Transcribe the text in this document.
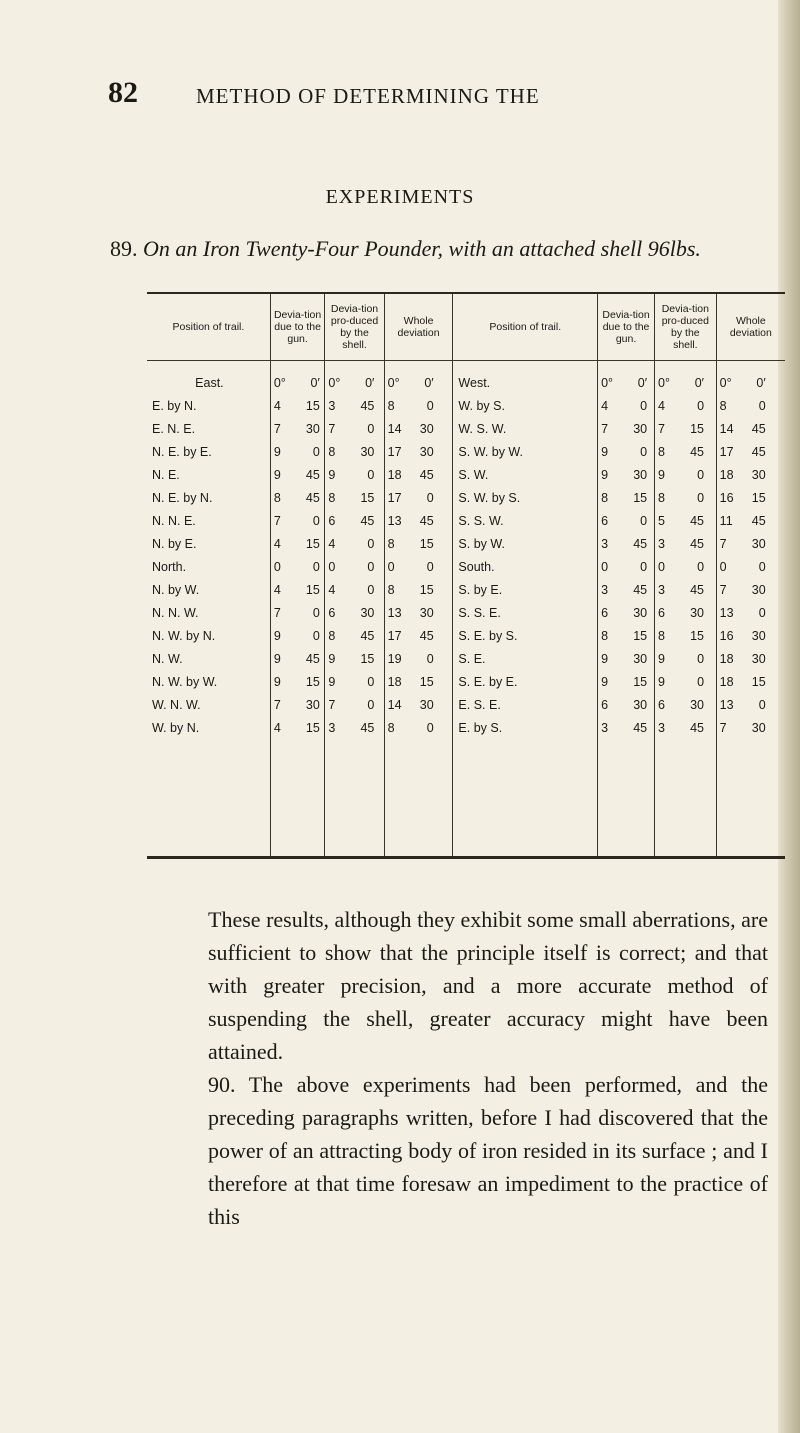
82	METHOD OF DETERMINING THE
EXPERIMENTS
89. On an Iron Twenty-Four Pounder, with an attached shell 96lbs.
Position of trail.	Devia-tion due to the gun.	Devia-tion pro-duced by the shell.	Whole deviation	Position of trail.	Devia-tion due to the gun.	Devia-tion pro-duced by the shell.	Whole deviation

East.	0° 0′	0° 0′	0° 0′	West.	0° 0′	0° 0′	0° 0′
E. by N.	4 15	3 45	8 0	W. by S.	4 0	4 0	8 0
E. N. E.	7 30	7 0	14 30	W. S. W.	7 30	7 15	14 45
N. E. by E.	9 0	8 30	17 30	S. W. by W.	9 0	8 45	17 45
N. E.	9 45	9 0	18 45	S. W.	9 30	9 0	18 30
N. E. by N.	8 45	8 15	17 0	S. W. by S.	8 15	8 0	16 15
N. N. E.	7 0	6 45	13 45	S. S. W.	6 0	5 45	11 45
N. by E.	4 15	4 0	8 15	S. by W.	3 45	3 45	7 30
North.	0 0	0 0	0 0	South.	0 0	0 0	0 0
N. by W.	4 15	4 0	8 15	S. by E.	3 45	3 45	7 30
N. N. W.	7 0	6 30	13 30	S. S. E.	6 30	6 30	13 0
N. W. by N.	9 0	8 45	17 45	S. E. by S.	8 15	8 15	16 30
N. W.	9 45	9 15	19 0	S. E.	9 30	9 0	18 30
N. W. by W.	9 15	9 0	18 15	S. E. by E.	9 15	9 0	18 15
W. N. W.	7 30	7 0	14 30	E. S. E.	6 30	6 30	13 0
W. by N.	4 15	3 45	8 0	E. by S.	3 45	3 45	7 30

These results, although they exhibit some small aberrations, are sufficient to show that the principle itself is correct; and that with greater precision, and a more accurate method of suspending the shell, greater accuracy might have been attained.

90. The above experiments had been performed, and the preceding paragraphs written, before I had discovered that the power of an attracting body of iron resided in its surface ; and I therefore at that time foresaw an impediment to the practice of this
